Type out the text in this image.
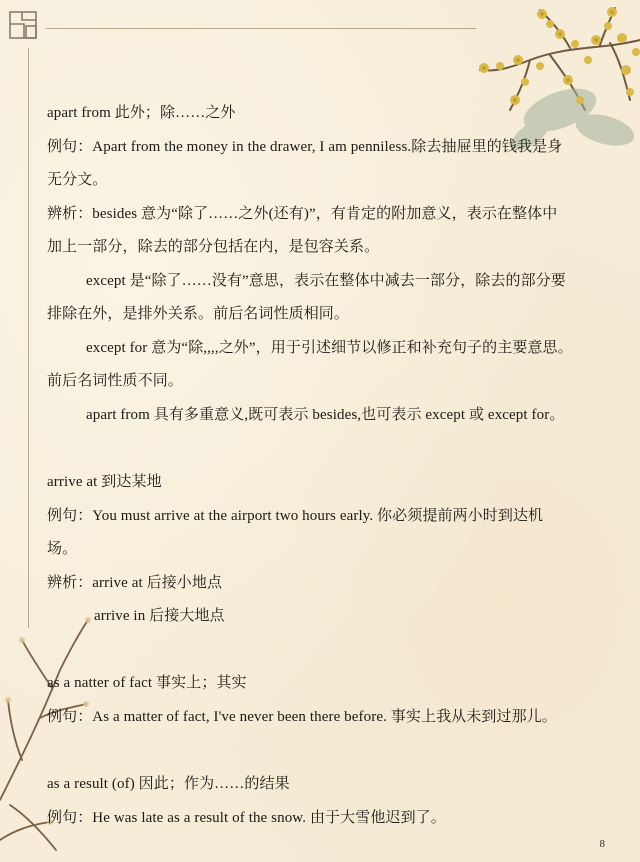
apart from 此外；除……之外
例句：Apart from the money in the drawer, I am penniless.除去抽屉里的钱我是身
无分文。
辨析：besides 意为“除了……之外(还有)”，有肯定的附加意义，表示在整体中
加上一部分，除去的部分包括在内，是包容关系。
except 是“除了……没有”意思，表示在整体中减去一部分，除去的部分要
排除在外，是排外关系。前后名词性质相同。
except for 意为“除,,,,之外”，用于引述细节以修正和补充句子的主要意思。
前后名词性质不同。
apart from 具有多重意义,既可表示 besides,也可表示 except 或 except for。
arrive at 到达某地
例句：You must arrive at the airport two hours early. 你必须提前两小时到达机
场。
辨析：arrive at 后接小地点
arrive in 后接大地点
as a natter of fact 事实上；其实
例句：As a matter of fact, I've never been there before. 事实上我从未到过那儿。
as a result (of) 因此；作为……的结果
例句：He was late as a result of the snow. 由于大雪他迟到了。
8
